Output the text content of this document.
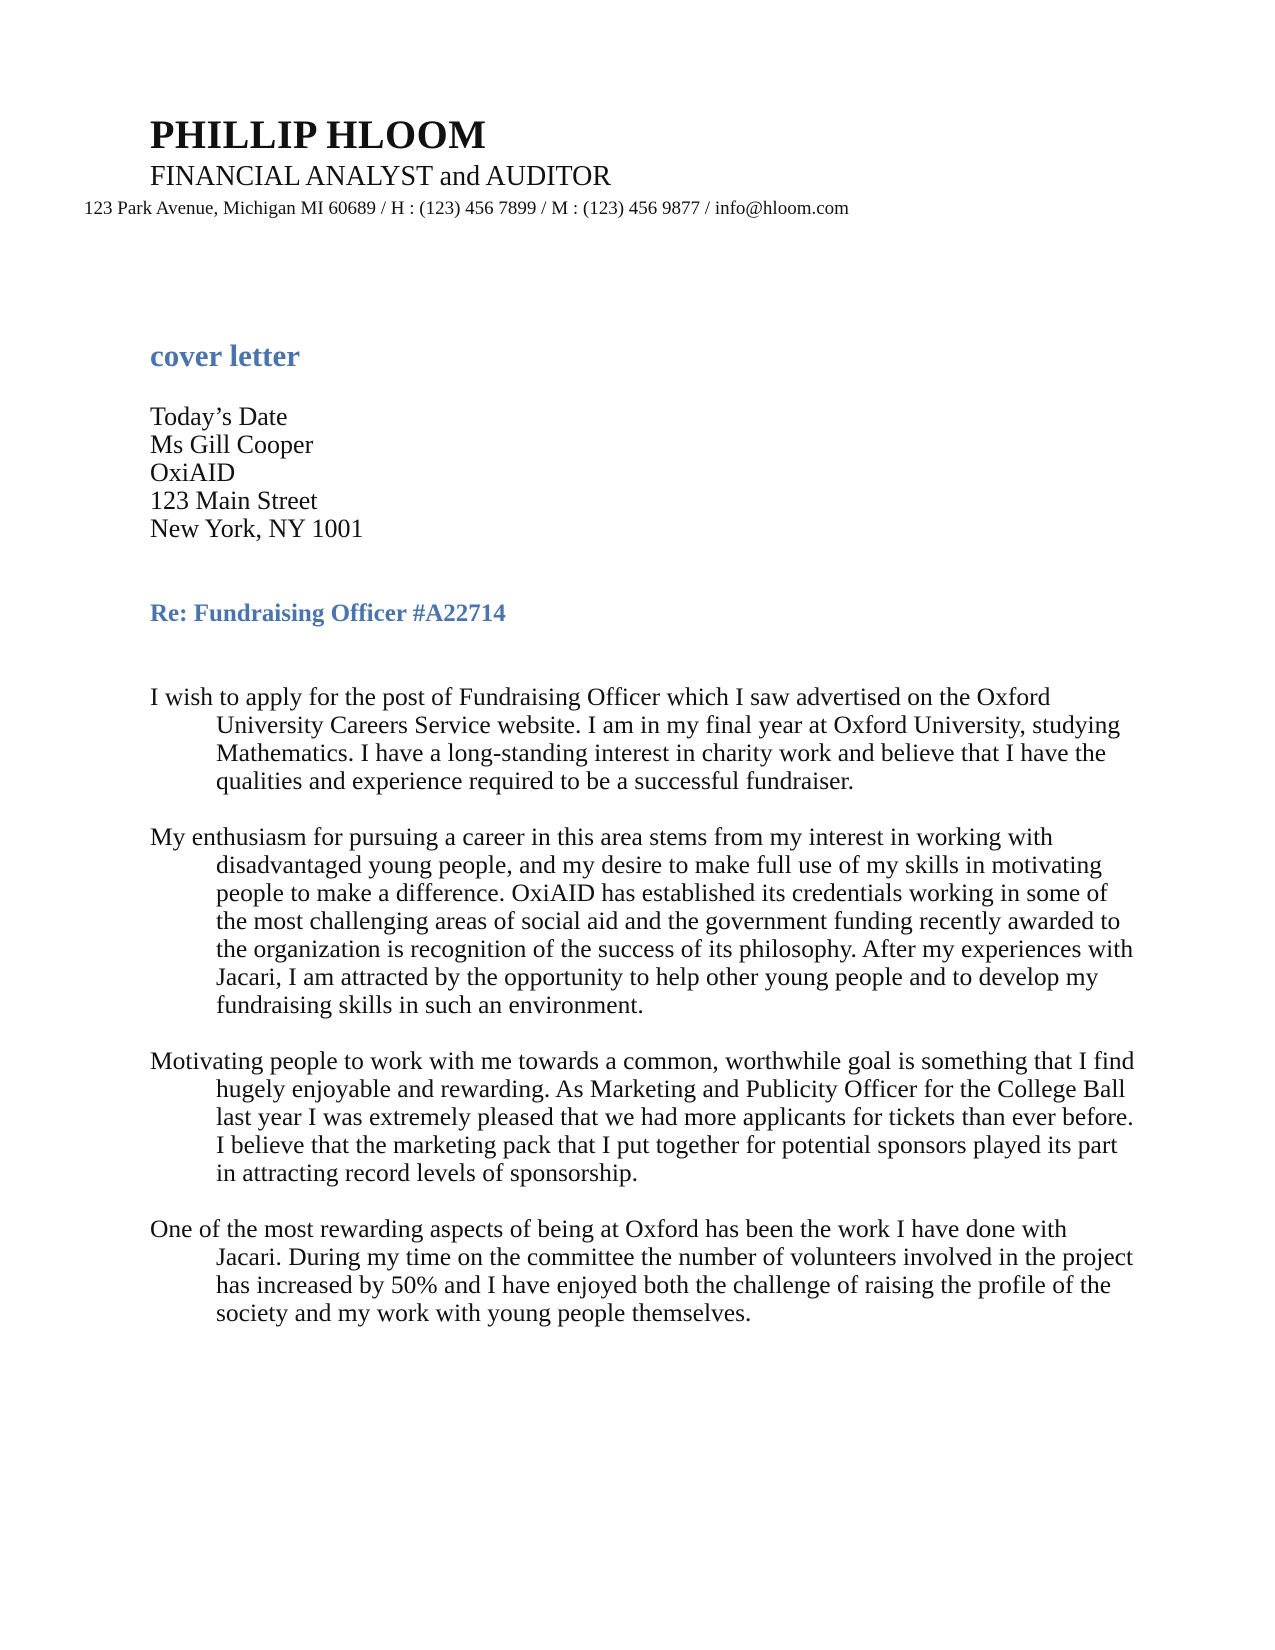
PHILLIP HLOOM
FINANCIAL ANALYST and AUDITOR
123 Park Avenue, Michigan MI 60689 / H : (123) 456 7899 / M : (123) 456 9877 / info@hloom.com
cover letter
Today’s Date
Ms Gill Cooper
OxiAID
123 Main Street
New York, NY 1001
Re: Fundraising Officer #A22714

I wish to apply for the post of Fundraising Officer which I saw advertised on the Oxford University Careers Service website. I am in my final year at Oxford University, studying Mathematics. I have a long-standing interest in charity work and believe that I have the qualities and experience required to be a successful fundraiser.

My enthusiasm for pursuing a career in this area stems from my interest in working with disadvantaged young people, and my desire to make full use of my skills in motivating people to make a difference. OxiAID has established its credentials working in some of the most challenging areas of social aid and the government funding recently awarded to the organization is recognition of the success of its philosophy. After my experiences with Jacari, I am attracted by the opportunity to help other young people and to develop my fundraising skills in such an environment.

Motivating people to work with me towards a common, worthwhile goal is something that I find hugely enjoyable and rewarding. As Marketing and Publicity Officer for the College Ball last year I was extremely pleased that we had more applicants for tickets than ever before. I believe that the marketing pack that I put together for potential sponsors played its part in attracting record levels of sponsorship.

One of the most rewarding aspects of being at Oxford has been the work I have done with Jacari. During my time on the committee the number of volunteers involved in the project has increased by 50% and I have enjoyed both the challenge of raising the profile of the society and my work with young people themselves.
